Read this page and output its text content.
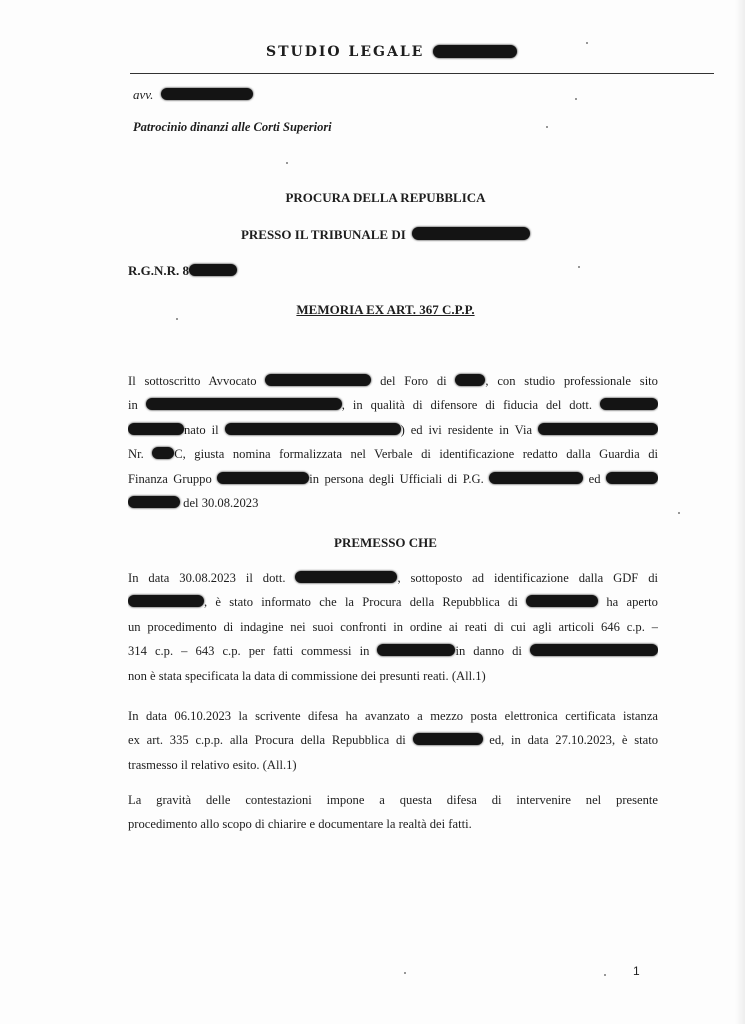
STUDIO LEGALE
avv.
Patrocinio dinanzi alle Corti Superiori
PROCURA DELLA REPUBBLICA
PRESSO IL TRIBUNALE DI
R.G.N.R. 8
MEMORIA EX ART. 367 C.P.P.
Il sottoscritto Avvocato	del Foro di	, con studio professionale sito
in	, in qualità di difensore di fiducia del dott.
nato il	) ed ivi residente in Via
Nr. C, giusta nomina formalizzata nel Verbale di identificazione redatto dalla Guardia di
Finanza Gruppo	in persona degli Ufficiali di P.G.	ed
del 30.08.2023
PREMESSO CHE
In data 30.08.2023 il dott.	, sottoposto ad identificazione dalla GDF di
, è stato informato che la Procura della Repubblica di	ha aperto
un procedimento di indagine nei suoi confronti in ordine ai reati di cui agli articoli 646 c.p. –
314 c.p. – 643 c.p. per fatti commessi in	in danno di
non è stata specificata la data di commissione dei presunti reati. (All.1)
In data 06.10.2023 la scrivente difesa ha avanzato a mezzo posta elettronica certificata istanza
ex art. 335 c.p.p. alla Procura della Repubblica di	ed, in data 27.10.2023, è stato
trasmesso il relativo esito. (All.1)
La gravità delle contestazioni impone a questa difesa di intervenire nel presente
procedimento allo scopo di chiarire e documentare la realtà dei fatti.
1
